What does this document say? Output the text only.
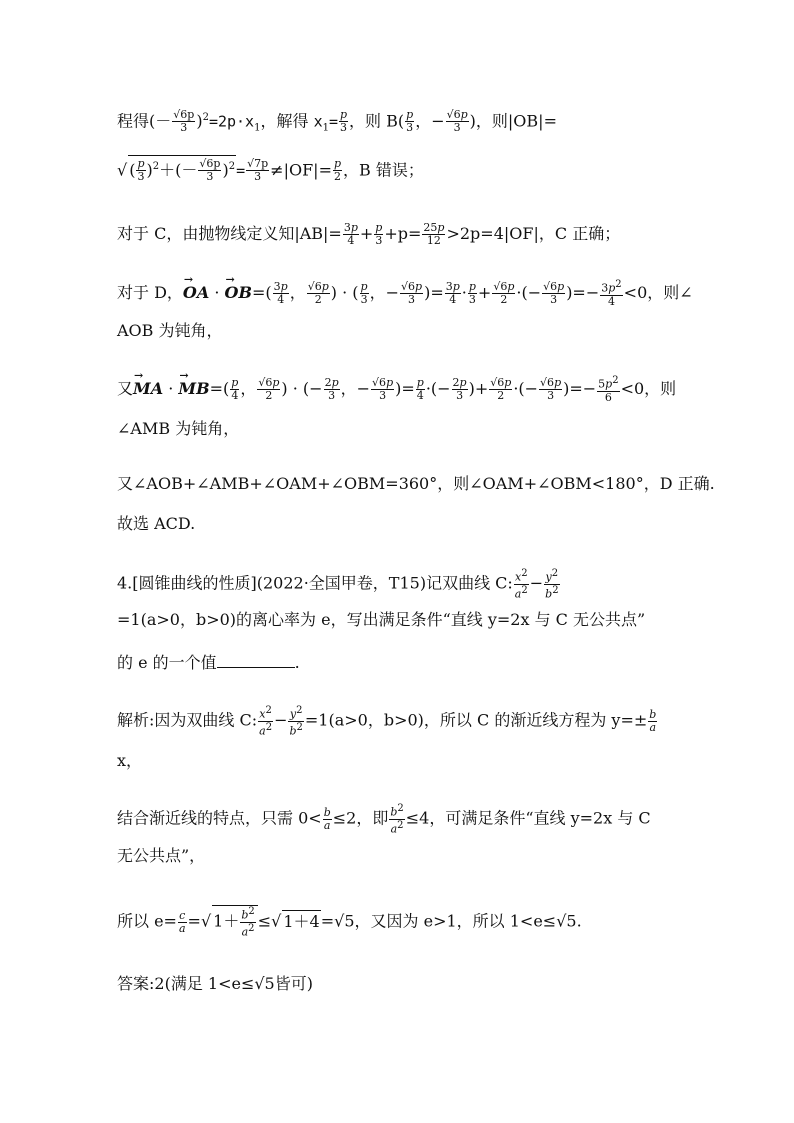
程得(－ $\frac{√6p}{3} )^2=2p\cdot x_1$，解得 $x_1= \frac{p}{3}$ ，则 $B( \frac{p}{3}$ ，− $\frac{√6p}{3}$ )，则|OB|=
√ ( $\frac{p}{3} )^2+(- \frac{√6p}{3} )^2= \frac{√7p}{3} \ne|OF|= \frac{p}{2}$ ，B 错误；
对于 C，由抛物线定义知$|AB|= \frac{3p}{4} + \frac{p}{3} +p= \frac{25p}{12} >2p=4|OF|$，C 正确；
对于 D，→ OA · → $OB=( \frac{3p}{4}$ ， $\frac{√6p}{2}$ ) · ( $\frac{p}{3}$ ，− $\frac{√6p}{3}$ )= $\frac{3p}{4} \cdot \frac{p}{3} + \frac{√6p}{2}$ ·(− $\frac{√6p}{3}$ )=− $\frac{3p^2}{4} <0$，则∠
AOB 为钝角，
又→ MA · → $MB=( \frac{p}{4}$ ， $\frac{√6p}{2}$ ) · (− $\frac{2p}{3}$ ，− $\frac{√6p}{3}$ )= $\frac{p}{4}$ ·(− $\frac{2p}{3}$ )+ $\frac{√6p}{2}$ ·(− $\frac{√6p}{3}$ )=− $\frac{5p^2}{6} <0$，则
∠AMB 为钝角，
又∠AOB+∠AMB+∠OAM+∠OBM=360°，则∠OAM+∠OBM<180°，D 正确.
故选 ACD.
4.[圆锥曲线的性质](2022·全国甲卷，T15)记双曲线 C: $\frac{x^2}{a^2} - \frac{y^2}{b^2}$
=1(a>0，b>0)的离心率为 e，写出满足条件“直线 y=2x 与 C 无公共点”
的 e 的一个值	.
解析:因为双曲线 C: $\frac{x^2}{a^2} - \frac{y^2}{b^2} =1(a>0$，b>0)，所以 C 的渐近线方程为 $y=\pm \frac{b}{a}$
x，
结合渐近线的特点，只需 $0< \frac{b}{a} \le 2$，即 $\frac{b^2}{a^2} \le 4$，可满足条件“直线 y=2x 与 C
无公共点”，
所以 $e= \frac{c}{a}$ =√ $1+ \frac{b^2}{a^2}$ ≤√ 1＋4=√5，又因为 e>1，所以 1<e≤√5.
答案:2(满足 1<e≤√5皆可)
